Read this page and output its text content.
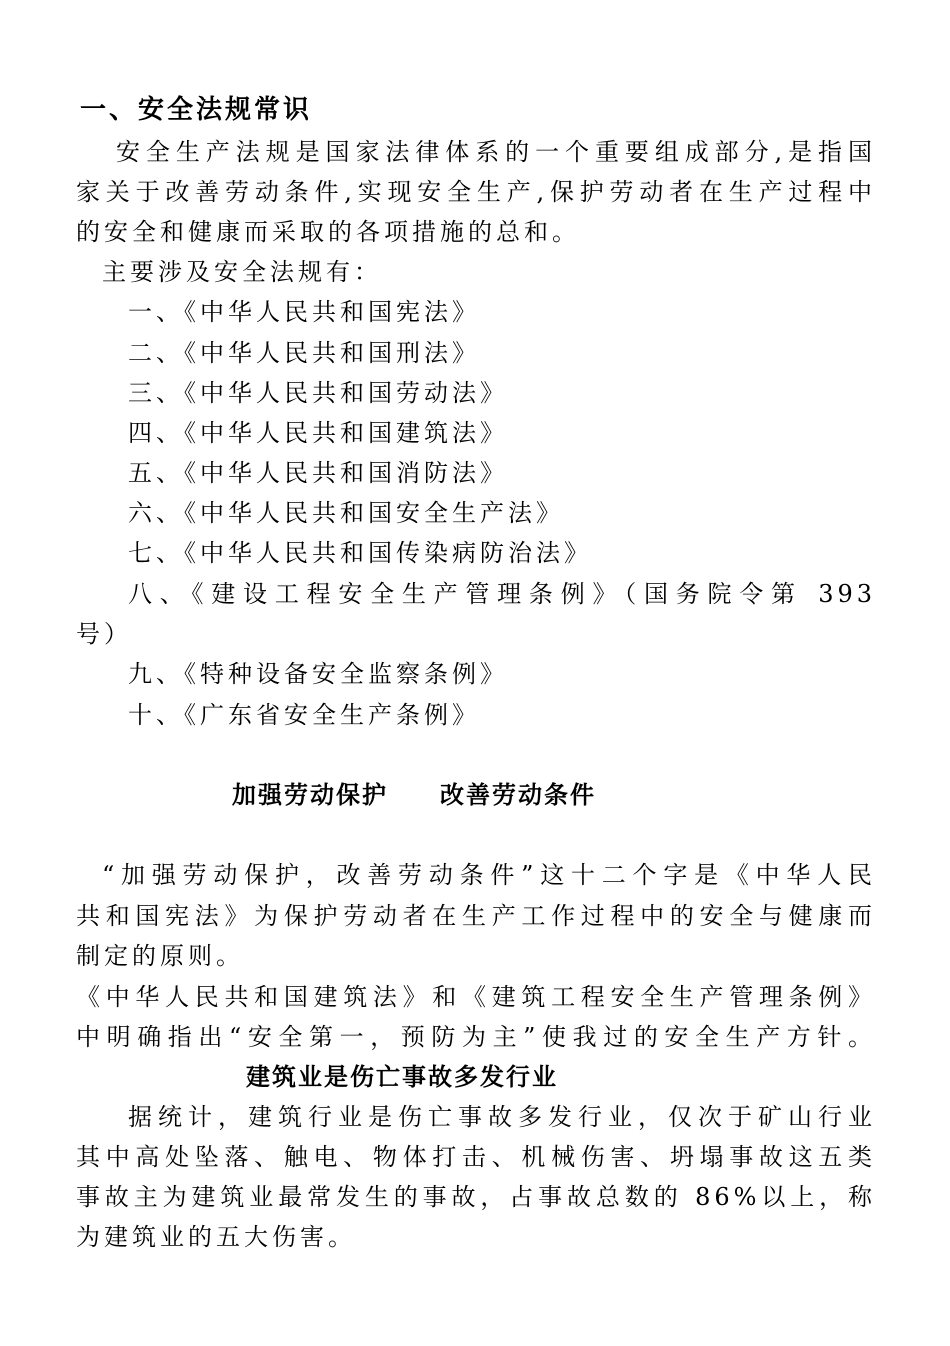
一、安全法规常识
安全生产法规是国家法律体系的一个重要组成部分,是指国
家关于改善劳动条件,实现安全生产,保护劳动者在生产过程中
的安全和健康而采取的各项措施的总和。
主要涉及安全法规有：
一、《中华人民共和国宪法》
二、《中华人民共和国刑法》
三、《中华人民共和国劳动法》
四、《中华人民共和国建筑法》
五、《中华人民共和国消防法》
六、《中华人民共和国安全生产法》
七、《中华人民共和国传染病防治法》
八、《建设工程安全生产管理条例》（国务院令第 393
号）
九、《特种设备安全监察条例》
十、《广东省安全生产条例》
加强劳动保护　　改善劳动条件
“加强劳动保护，改善劳动条件”这十二个字是《中华人民
共和国宪法》为保护劳动者在生产工作过程中的安全与健康而
制定的原则。
《中华人民共和国建筑法》和《建筑工程安全生产管理条例》
中明确指出“安全第一，预防为主”使我过的安全生产方针。
建筑业是伤亡事故多发行业
据统计，建筑行业是伤亡事故多发行业，仅次于矿山行业
其中高处坠落、触电、物体打击、机械伤害、坍塌事故这五类
事故主为建筑业最常发生的事故，占事故总数的 86%以上，称
为建筑业的五大伤害。
